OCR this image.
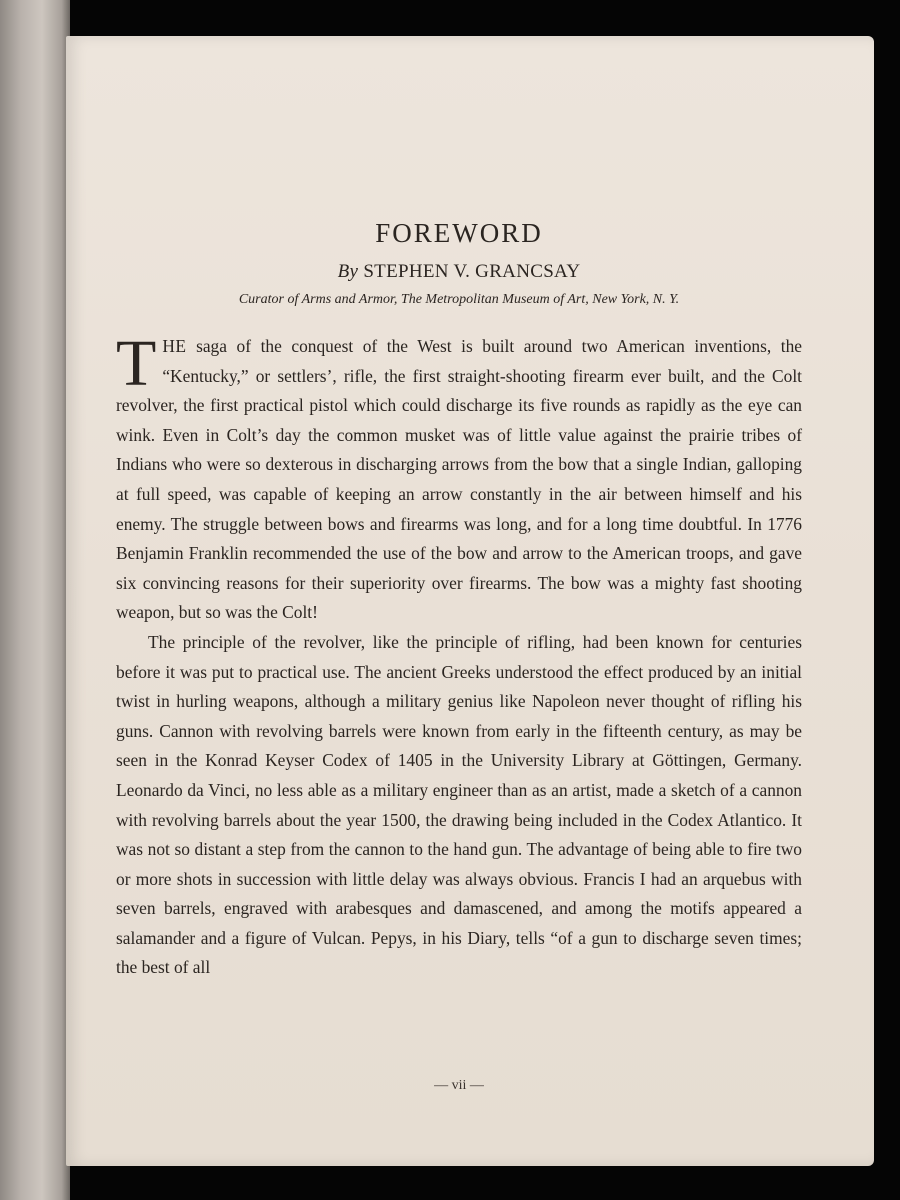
FOREWORD

By STEPHEN V. GRANCSAY

Curator of Arms and Armor, The Metropolitan Museum of Art, New York, N. Y.

THE saga of the conquest of the West is built around two American inventions, the “Kentucky,” or settlers’, rifle, the first straight-shooting firearm ever built, and the Colt revolver, the first practical pistol which could discharge its five rounds as rapidly as the eye can wink. Even in Colt’s day the common musket was of little value against the prairie tribes of Indians who were so dexterous in discharging arrows from the bow that a single Indian, galloping at full speed, was capable of keeping an arrow constantly in the air between himself and his enemy. The struggle between bows and firearms was long, and for a long time doubtful. In 1776 Benjamin Franklin recommended the use of the bow and arrow to the American troops, and gave six convincing reasons for their superiority over firearms. The bow was a mighty fast shooting weapon, but so was the Colt!

The principle of the revolver, like the principle of rifling, had been known for centuries before it was put to practical use. The ancient Greeks understood the effect produced by an initial twist in hurling weapons, although a military genius like Napoleon never thought of rifling his guns. Cannon with revolving barrels were known from early in the fifteenth century, as may be seen in the Konrad Keyser Codex of 1405 in the University Library at Göttingen, Germany. Leonardo da Vinci, no less able as a military engineer than as an artist, made a sketch of a cannon with revolving barrels about the year 1500, the drawing being included in the Codex Atlantico. It was not so distant a step from the cannon to the hand gun. The advantage of being able to fire two or more shots in succession with little delay was always obvious. Francis I had an arquebus with seven barrels, engraved with arabesques and damascened, and among the motifs appeared a salamander and a figure of Vulcan. Pepys, in his Diary, tells “of a gun to discharge seven times; the best of all

— vii —
